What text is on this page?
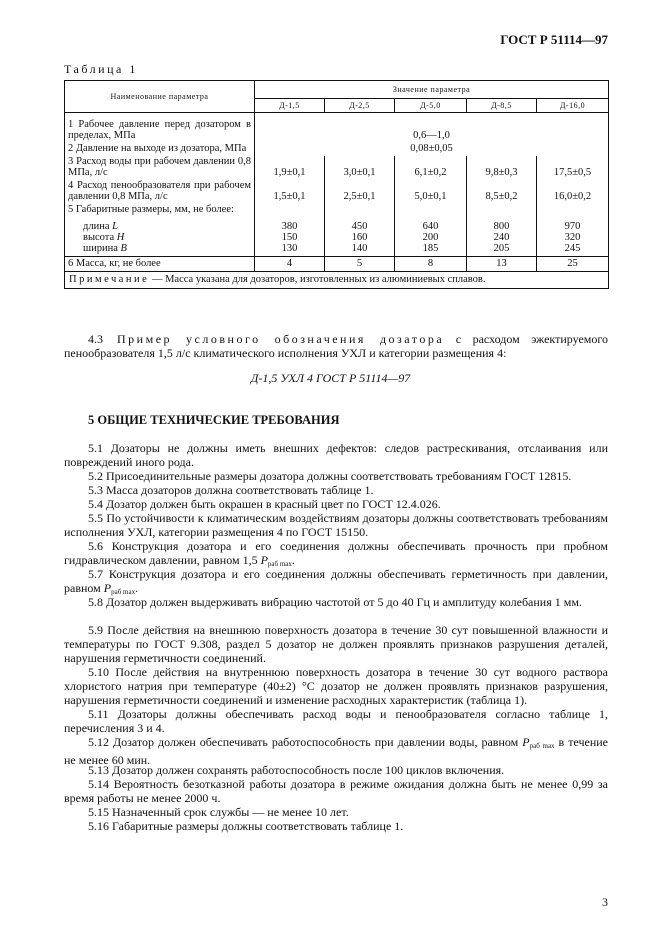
ГОСТ Р 51114—97
Таблица 1
Наименование параметра	Значение параметра				
	Д-1,5	Д-2,5	Д-5,0	Д-8,5	Д-16,0

1 Рабочее давление перед дозатором в пределах, МПа	0,6—1,0				
2 Давление на выходе из дозатора, МПа	0,08±0,05				
3 Расход воды при рабочем давлении 0,8 МПа, л/с	1,9±0,1	3,0±0,1	6,1±0,2	9,8±0,3	17,5±0,5
4 Расход пенообразователя при рабочем давлении 0,8 МПа, л/с	1,5±0,1	2,5±0,1	5,0±0,1	8,5±0,2	16,0±0,2
5 Габаритные размеры, мм, не более:					
длина L	380	450	640	800	970
высота H	150	160	200	240	320
ширина B	130	140	185	205	245
6 Масса, кг, не более	4	5	8	13	25
Примечание — Масса указана для дозаторов, изготовленных из алюминиевых сплавов.					
4.3 Пример условного обозначения дозатора с расходом эжектируемого пенообразователя 1,5 л/с климатического исполнения УХЛ и категории размещения 4:
Д-1,5 УХЛ 4 ГОСТ Р 51114—97
5 ОБЩИЕ ТЕХНИЧЕСКИЕ ТРЕБОВАНИЯ
5.1 Дозаторы не должны иметь внешних дефектов: следов растрескивания, отслаивания или повреждений иного рода.
5.2 Присоединительные размеры дозатора должны соответствовать требованиям ГОСТ 12815.
5.3 Масса дозаторов должна соответствовать таблице 1.
5.4 Дозатор должен быть окрашен в красный цвет по ГОСТ 12.4.026.
5.5 По устойчивости к климатическим воздействиям дозаторы должны соответствовать требованиям исполнения УХЛ, категории размещения 4 по ГОСТ 15150.
5.6 Конструкция дозатора и его соединения должны обеспечивать прочность при пробном гидравлическом давлении, равном 1,5 $P_{раб max}$.
5.7 Конструкция дозатора и его соединения должны обеспечивать герметичность при давлении, равном $P_{раб max}$.
5.8 Дозатор должен выдерживать вибрацию частотой от 5 до 40 Гц и амплитуду колебания 1 мм.
5.9 После действия на внешнюю поверхность дозатора в течение 30 сут повышенной влажности и температуры по ГОСТ 9.308, раздел 5 дозатор не должен проявлять признаков разрушения деталей, нарушения герметичности соединений.
5.10 После действия на внутреннюю поверхность дозатора в течение 30 сут водного раствора хлористого натрия при температуре (40±2) °С дозатор не должен проявлять признаков разрушения, нарушения герметичности соединений и изменение расходных характеристик (таблица 1).
5.11 Дозаторы должны обеспечивать расход воды и пенообразователя согласно таблице 1, перечисления 3 и 4.
5.12 Дозатор должен обеспечивать работоспособность при давлении воды, равном $P_{раб max}$ в течение не менее 60 мин.
5.13 Дозатор должен сохранять работоспособность после 100 циклов включения.
5.14 Вероятность безотказной работы дозатора в режиме ожидания должна быть не менее 0,99 за время работы не менее 2000 ч.
5.15 Назначенный срок службы — не менее 10 лет.
5.16 Габаритные размеры должны соответствовать таблице 1.
3
